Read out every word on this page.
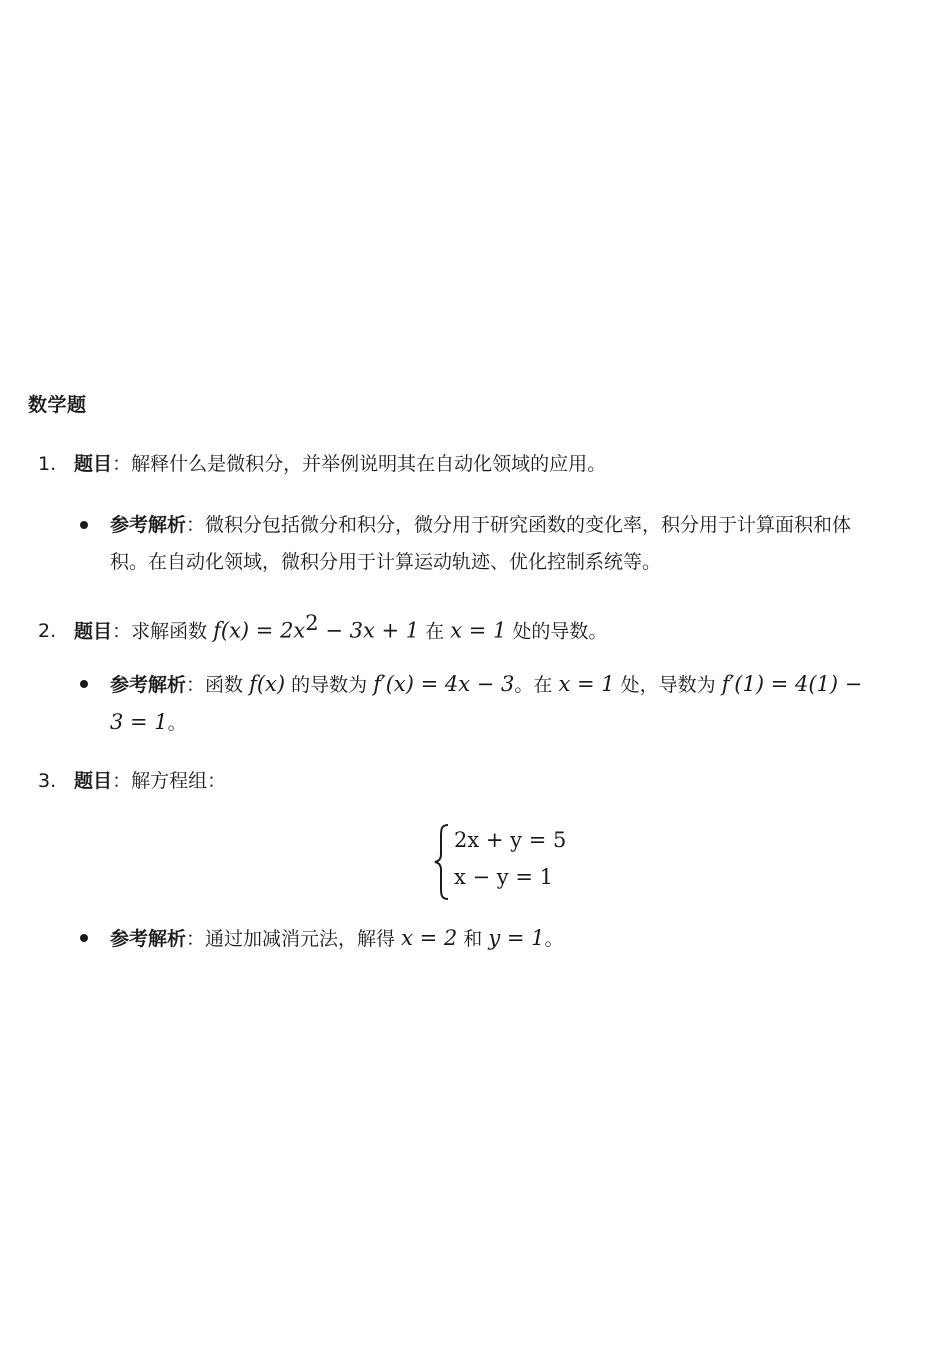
数学题
1. 题目：解释什么是微积分，并举例说明其在自动化领域的应用。
参考解析：微积分包括微分和积分，微分用于研究函数的变化率，积分用于计算面积和体
积。在自动化领域，微积分用于计算运动轨迹、优化控制系统等。
2. 题目：求解函数 $f(x) = 2x^2 - 3x + 1$ 在 x = 1 处的导数。
参考解析：函数 f(x) 的导数为 f′(x) = 4x − 3。在 x = 1 处，导数为 f′(1) = 4(1) −
3 = 1。
3. 题目：解方程组：
2x + y = 5
x − y = 1
参考解析：通过加减消元法，解得 x = 2 和 y = 1。
